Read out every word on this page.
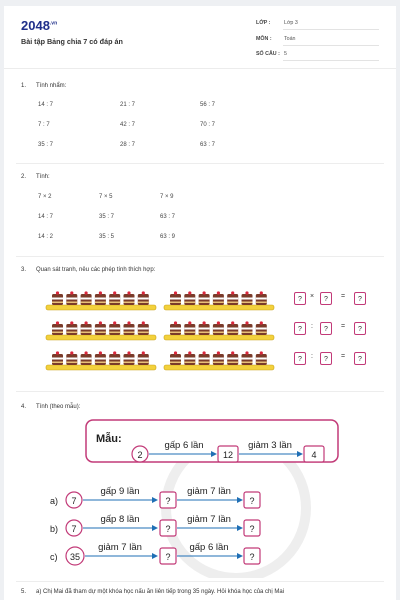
$2048^{.vn}$
Bài tập Bảng chia 7 có đáp án
LỚP :	Lớp 3
MÔN : Toán
SỐ CÂU : 5
1. Tính nhẩm:
14 : 7	21 : 7	56 : 7
7 : 7	42 : 7	70 : 7
35 : 7	28 : 7	63 : 7
2. Tính:
7 × 2	7 × 5	7 × 9
14 : 7	35 : 7	63 : 7
14 : 2	35 : 5	63 : 9
3. Quan sát tranh, nêu các phép tính thích hợp:
?	×	?	=	?
?	:	?	=	?
?	:	?	=	?
4. Tính (theo mẫu):
Mẫu:
2
gấp 6 lần
12
giảm 3 lần
4
a) 7
gấp 9 lần
?
giảm 7 lần
?
b) 7
gấp 8 lần
?
giảm 7 lần
?
c) 35
giảm 7 lần
?
gấp 6 lần
?
5. a) Chị Mai đã tham dự một khóa học nấu ăn liên tiếp trong 35 ngày. Hỏi khóa học của chị Mai
